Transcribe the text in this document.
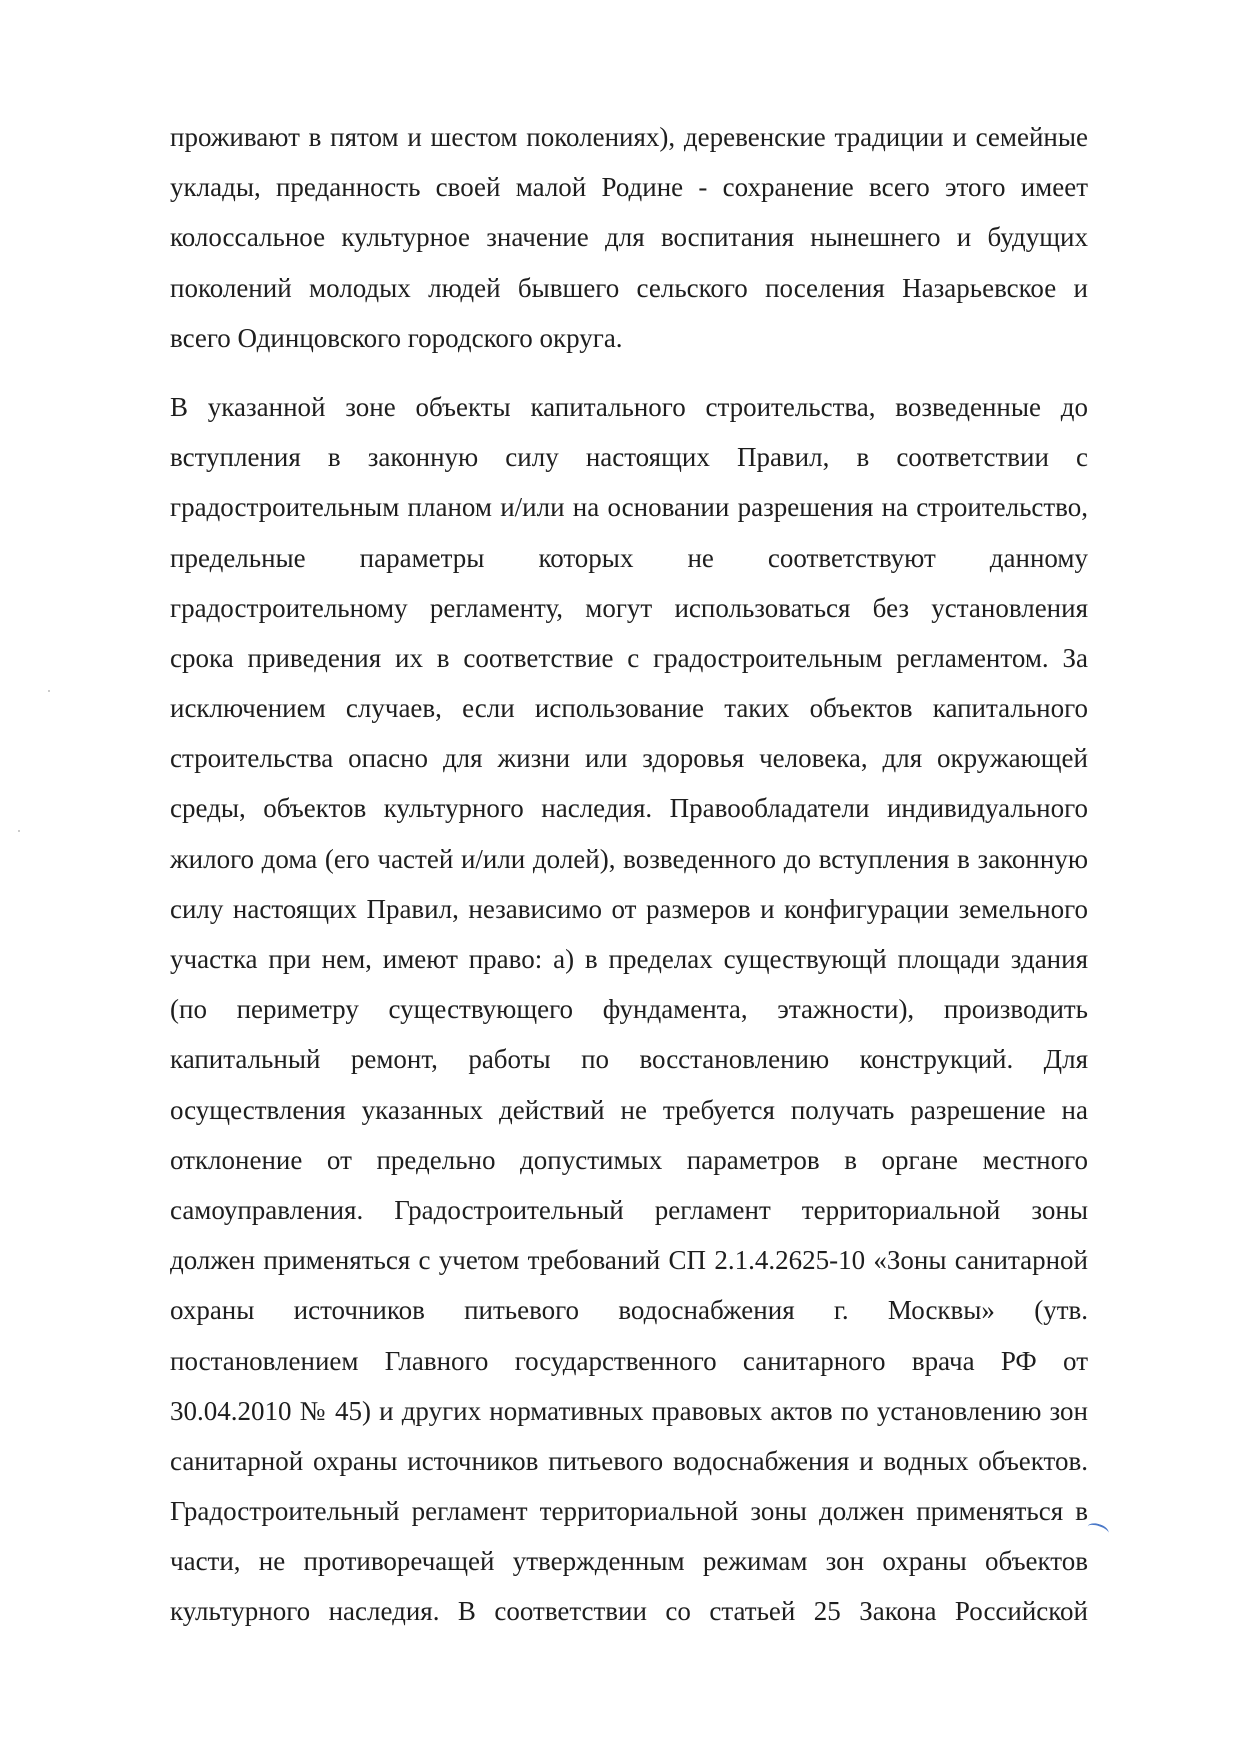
проживают в пятом и шестом поколениях), деревенские традиции и семейные
уклады, преданность своей малой Родине - сохранение всего этого имеет
колоссальное культурное значение для воспитания нынешнего и будущих
поколений молодых людей бывшего сельского поселения Назарьевское и
всего Одинцовского городского округа.
В указанной зоне объекты капитального строительства, возведенные до
вступления в законную силу настоящих Правил, в соответствии с
градостроительным планом и/или на основании разрешения на строительство,
предельные параметры которых не соответствуют данному
градостроительному регламенту, могут использоваться без установления
срока приведения их в соответствие с градостроительным регламентом. За
исключением случаев, если использование таких объектов капитального
строительства опасно для жизни или здоровья человека, для окружающей
среды, объектов культурного наследия. Правообладатели индивидуального
жилого дома (его частей и/или долей), возведенного до вступления в законную
силу настоящих Правил, независимо от размеров и конфигурации земельного
участка при нем, имеют право: а) в пределах существующй площади здания
(по периметру существующего фундамента, этажности), производить
капитальный ремонт, работы по восстановлению конструкций. Для
осуществления указанных действий не требуется получать разрешение на
отклонение от предельно допустимых параметров в органе местного
самоуправления. Градостроительный регламент территориальной зоны
должен применяться с учетом требований СП 2.1.4.2625-10 «Зоны санитарной
охраны источников питьевого водоснабжения г. Москвы» (утв.
постановлением Главного государственного санитарного врача РФ от
30.04.2010 № 45) и других нормативных правовых актов по установлению зон
санитарной охраны источников питьевого водоснабжения и водных объектов.
Градостроительный регламент территориальной зоны должен применяться в
части, не противоречащей утвержденным режимам зон охраны объектов
культурного наследия. В соответствии со статьей 25 Закона Российской
